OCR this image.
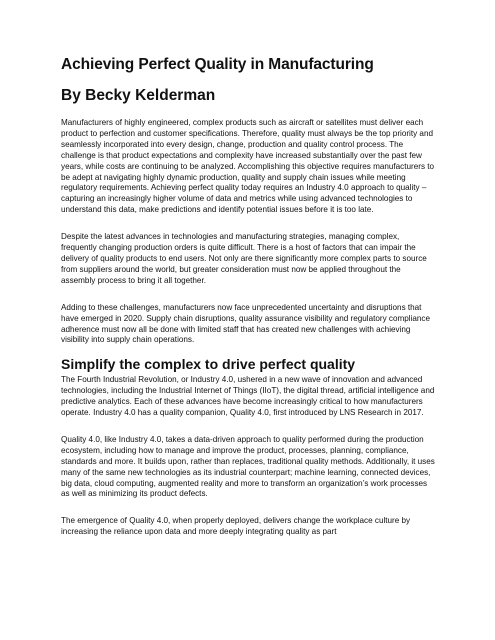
Achieving Perfect Quality in Manufacturing
By Becky Kelderman

Manufacturers of highly engineered, complex products such as aircraft or satellites must deliver each product to perfection and customer specifications. Therefore, quality must always be the top priority and seamlessly incorporated into every design, change, production and quality control process. The challenge is that product expectations and complexity have increased substantially over the past few years, while costs are continuing to be analyzed. Accomplishing this objective requires manufacturers to be adept at navigating highly dynamic production, quality and supply chain issues while meeting regulatory requirements. Achieving perfect quality today requires an Industry 4.0 approach to quality – capturing an increasingly higher volume of data and metrics while using advanced technologies to understand this data, make predictions and identify potential issues before it is too late.

Despite the latest advances in technologies and manufacturing strategies, managing complex, frequently changing production orders is quite difficult. There is a host of factors that can impair the delivery of quality products to end users. Not only are there significantly more complex parts to source from suppliers around the world, but greater consideration must now be applied throughout the assembly process to bring it all together.

Adding to these challenges, manufacturers now face unprecedented uncertainty and disruptions that have emerged in 2020. Supply chain disruptions, quality assurance visibility and regulatory compliance adherence must now all be done with limited staff that has created new challenges with achieving visibility into supply chain operations.

Simplify the complex to drive perfect quality

The Fourth Industrial Revolution, or Industry 4.0, ushered in a new wave of innovation and advanced technologies, including the Industrial Internet of Things (IIoT), the digital thread, artificial intelligence and predictive analytics. Each of these advances have become increasingly critical to how manufacturers operate. Industry 4.0 has a quality companion, Quality 4.0, first introduced by LNS Research in 2017.

Quality 4.0, like Industry 4.0, takes a data-driven approach to quality performed during the production ecosystem, including how to manage and improve the product, processes, planning, compliance, standards and more. It builds upon, rather than replaces, traditional quality methods. Additionally, it uses many of the same new technologies as its industrial counterpart; machine learning, connected devices, big data, cloud computing, augmented reality and more to transform an organization’s work processes as well as minimizing its product defects.

The emergence of Quality 4.0, when properly deployed, delivers change the workplace culture by increasing the reliance upon data and more deeply integrating quality as part
